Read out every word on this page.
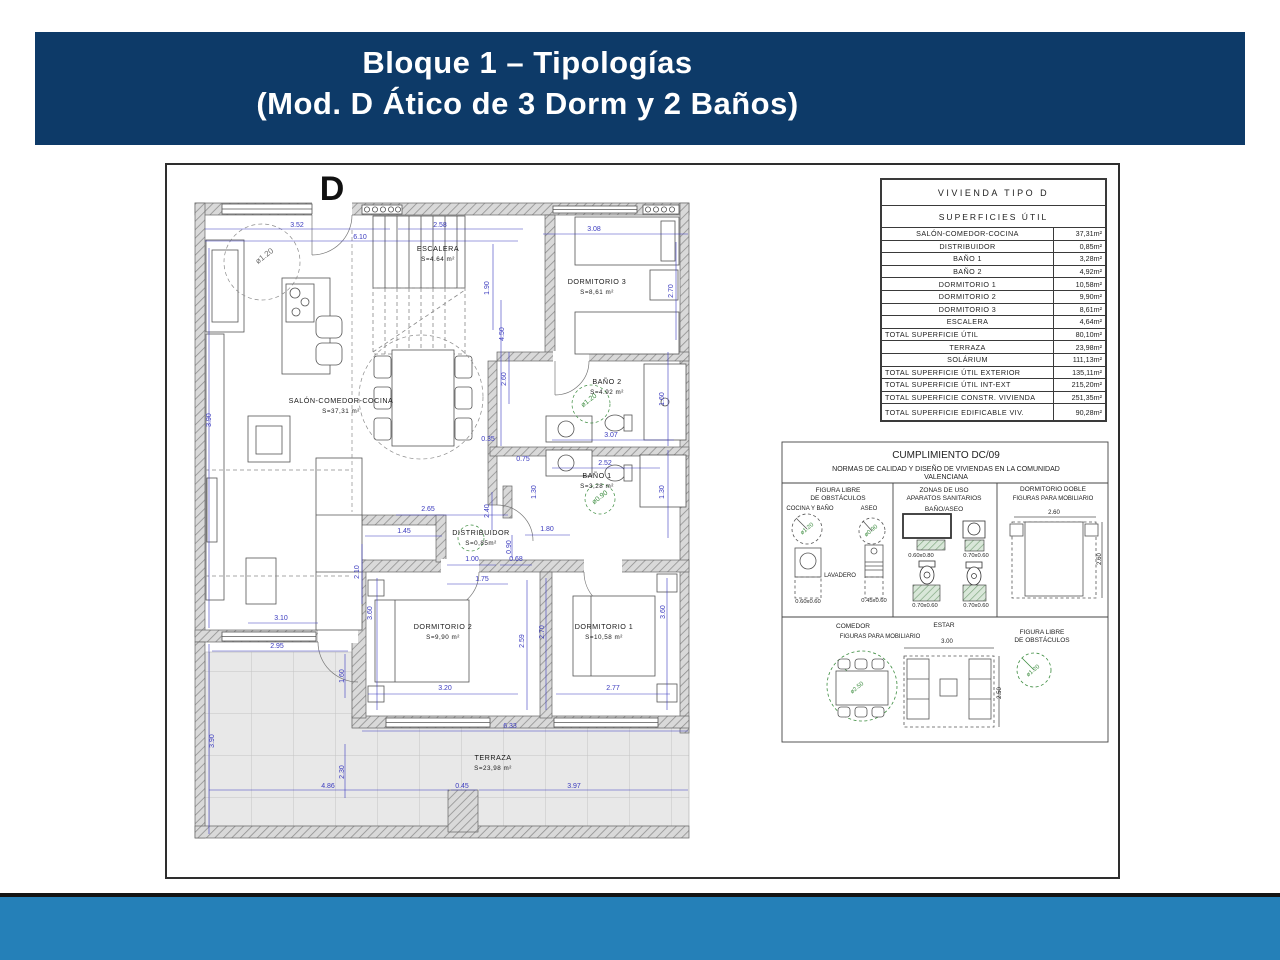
Bloque 1 – Tipologías
(Mod. D Ático de 3 Dorm y 2 Baños)
D
3.52	2.58
3.08
6.10
1.90	2.70
4.50
2.60
1.60
3.07
2.52
0.35
0.75
1.30	1.30
2.40
2.65
1.45
0.90
1.80
1.00	0.68
1.75
2.10
3.90
3.60
2.59
2.70
3.60
3.10
2.95
1.60
3.90
2.30
3.20	2.77
6.33
4.86	0.45	3.97
ø1.20
ø1.20
ø0.90
ESCALERA
S=4.64 m²
DORMITORIO 3
S=8,61 m²
SALÓN-COMEDOR-COCINA
S=37,31 m²
BAÑO 2
S=4.92 m²
BAÑO 1
S=3,28 m²
DISTRIBUIDOR
S=0,85m²
DORMITORIO 2
S=9,90 m²
DORMITORIO 1
S=10,58 m²
TERRAZA
S=23,98 m²
VIVIENDA TIPO D
SUPERFICIES ÚTIL
SALÓN-COMEDOR-COCINA	37,31m²
DISTRIBUIDOR	0,85m²
BAÑO 1	3,28m²
BAÑO 2	4,92m²
DORMITORIO 1	10,58m²
DORMITORIO 2	9,90m²
DORMITORIO 3	8,61m²
ESCALERA	4,64m²
TOTAL SUPERFICIE ÚTIL	80,10m²
TERRAZA	23,98m²
SOLÁRIUM	111,13m²
TOTAL SUPERFICIE ÚTIL EXTERIOR	135,11m²
TOTAL SUPERFICIE ÚTIL INT-EXT	215,20m²
TOTAL SUPERFICIE CONSTR. VIVIENDA	251,35m²
TOTAL SUPERFICIE EDIFICABLE VIV.	90,28m²
CUMPLIMIENTO DC/09
NORMAS DE CALIDAD Y DISEÑO DE VIVIENDAS EN LA COMUNIDAD
VALENCIANA
FIGURA LIBRE
DE OBSTÁCULOS
COCINA Y BAÑO	ASEO
ø1.20	ø0.90
LAVADERO
0.60x0.60	0.45x0.60
ZONAS DE USO
APARATOS SANITARIOS
BAÑO/ASEO
0.60x0.80	0.70x0.60
0.70x0.60	0.70x0.60
DORMITORIO DOBLE
FIGURAS PARA MOBILIARIO
2.60
2.60
COMEDOR
FIGURAS PARA MOBILIARIO
ø2.50
ESTAR
3.00
2.50
FIGURA LIBRE
DE OBSTÁCULOS
ø1.20
